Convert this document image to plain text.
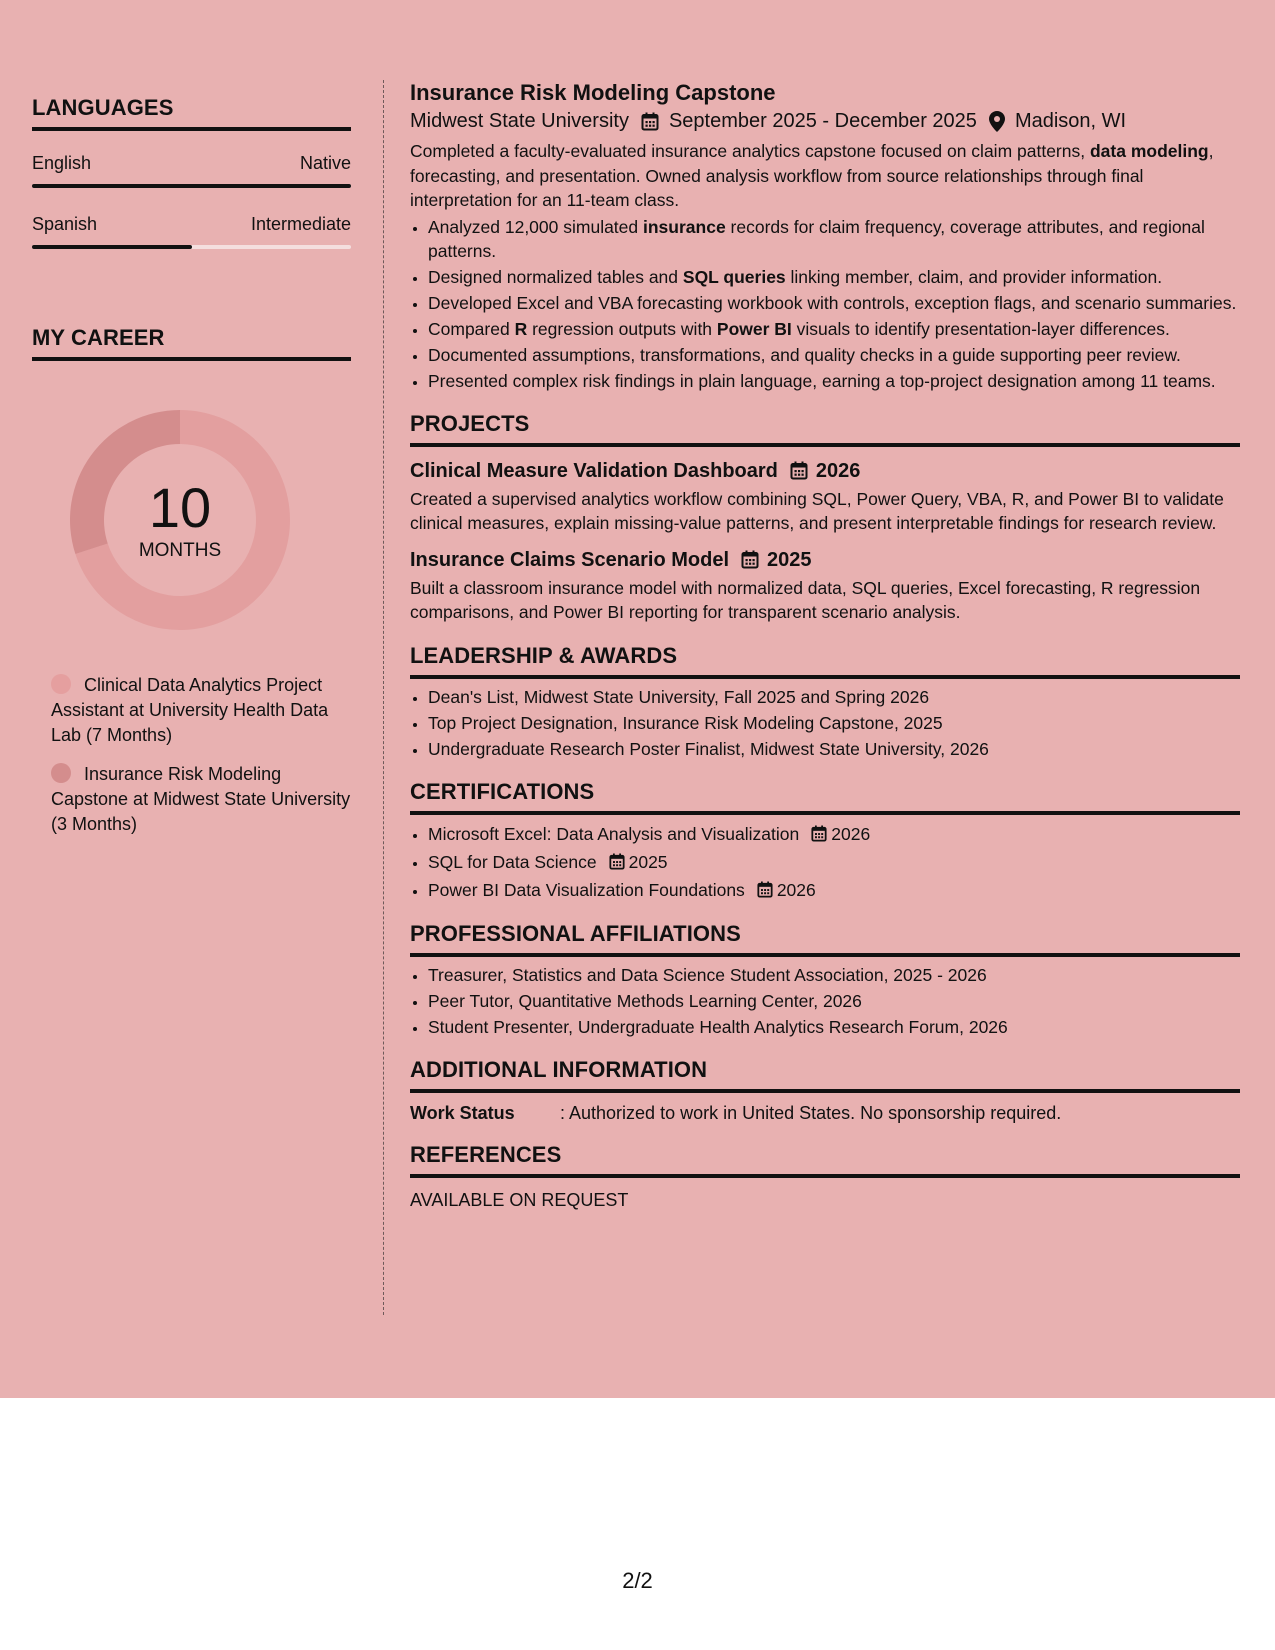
LANGUAGES
English	Native
Spanish	Intermediate
MY CAREER
10
MONTHS
Clinical Data Analytics Project Assistant at University Health Data Lab (7 Months)
Insurance Risk Modeling Capstone at Midwest State University (3 Months)
Insurance Risk Modeling Capstone
Midwest State University September 2025 - December 2025 Madison, WI

Completed a faculty-evaluated insurance analytics capstone focused on claim patterns, data modeling, forecasting, and presentation. Owned analysis workflow from source relationships through final interpretation for an 11-team class.

• Analyzed 12,000 simulated insurance records for claim frequency, coverage attributes, and regional patterns.
• Designed normalized tables and SQL queries linking member, claim, and provider information.
• Developed Excel and VBA forecasting workbook with controls, exception flags, and scenario summaries.
• Compared R regression outputs with Power BI visuals to identify presentation-layer differences.
• Documented assumptions, transformations, and quality checks in a guide supporting peer review.
• Presented complex risk findings in plain language, earning a top-project designation among 11 teams.
PROJECTS
Clinical Measure Validation Dashboard 2026

Created a supervised analytics workflow combining SQL, Power Query, VBA, R, and Power BI to validate clinical measures, explain missing-value patterns, and present interpretable findings for research review.

Insurance Claims Scenario Model 2025

Built a classroom insurance model with normalized data, SQL queries, Excel forecasting, R regression comparisons, and Power BI reporting for transparent scenario analysis.

LEADERSHIP & AWARDS
• Dean's List, Midwest State University, Fall 2025 and Spring 2026
• Top Project Designation, Insurance Risk Modeling Capstone, 2025
• Undergraduate Research Poster Finalist, Midwest State University, 2026
CERTIFICATIONS
• Microsoft Excel: Data Analysis and Visualization 2026
• SQL for Data Science 2025
• Power BI Data Visualization Foundations 2026
PROFESSIONAL AFFILIATIONS
• Treasurer, Statistics and Data Science Student Association, 2025 - 2026
• Peer Tutor, Quantitative Methods Learning Center, 2026
• Student Presenter, Undergraduate Health Analytics Research Forum, 2026
ADDITIONAL INFORMATION
Work Status	: Authorized to work in United States. No sponsorship required.
REFERENCES
AVAILABLE ON REQUEST
2/2
